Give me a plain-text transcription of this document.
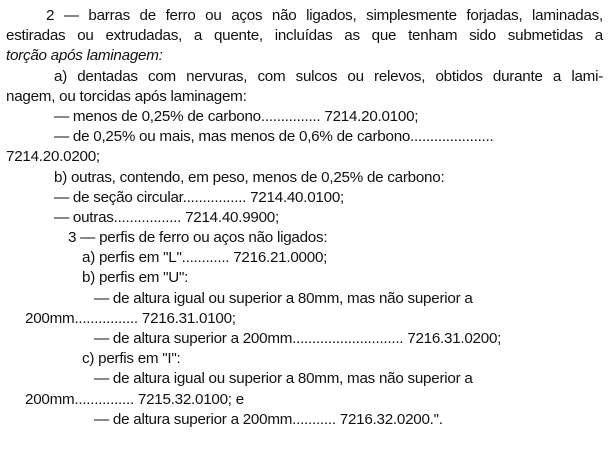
2 — barras de ferro ou aços não ligados, simplesmente forjadas, laminadas,
estiradas ou extrudadas, a quente, incluídas as que tenham sido submetidas a
torção após laminagem:
a) dentadas com nervuras, com sulcos ou relevos, obtidos durante a lami-
nagem, ou torcidas após laminagem:
— menos de 0,25% de carbono............... 7214.20.0100;
— de 0,25% ou mais, mas menos de 0,6% de carbono.....................
7214.20.0200;
b) outras, contendo, em peso, menos de 0,25% de carbono:
— de seção circular................ 7214.40.0100;
— outras................. 7214.40.9900;
3 — perfis de ferro ou aços não ligados:
a) perfis em "L"............ 7216.21.0000;
b) perfis em "U":
— de altura igual ou superior a 80mm, mas não superior a
200mm................ 7216.31.0100;
— de altura superior a 200mm............................ 7216.31.0200;
c) perfis em "I":
— de altura igual ou superior a 80mm, mas não superior a
200mm............... 7215.32.0100; e
— de altura superior a 200mm........... 7216.32.0200.".
